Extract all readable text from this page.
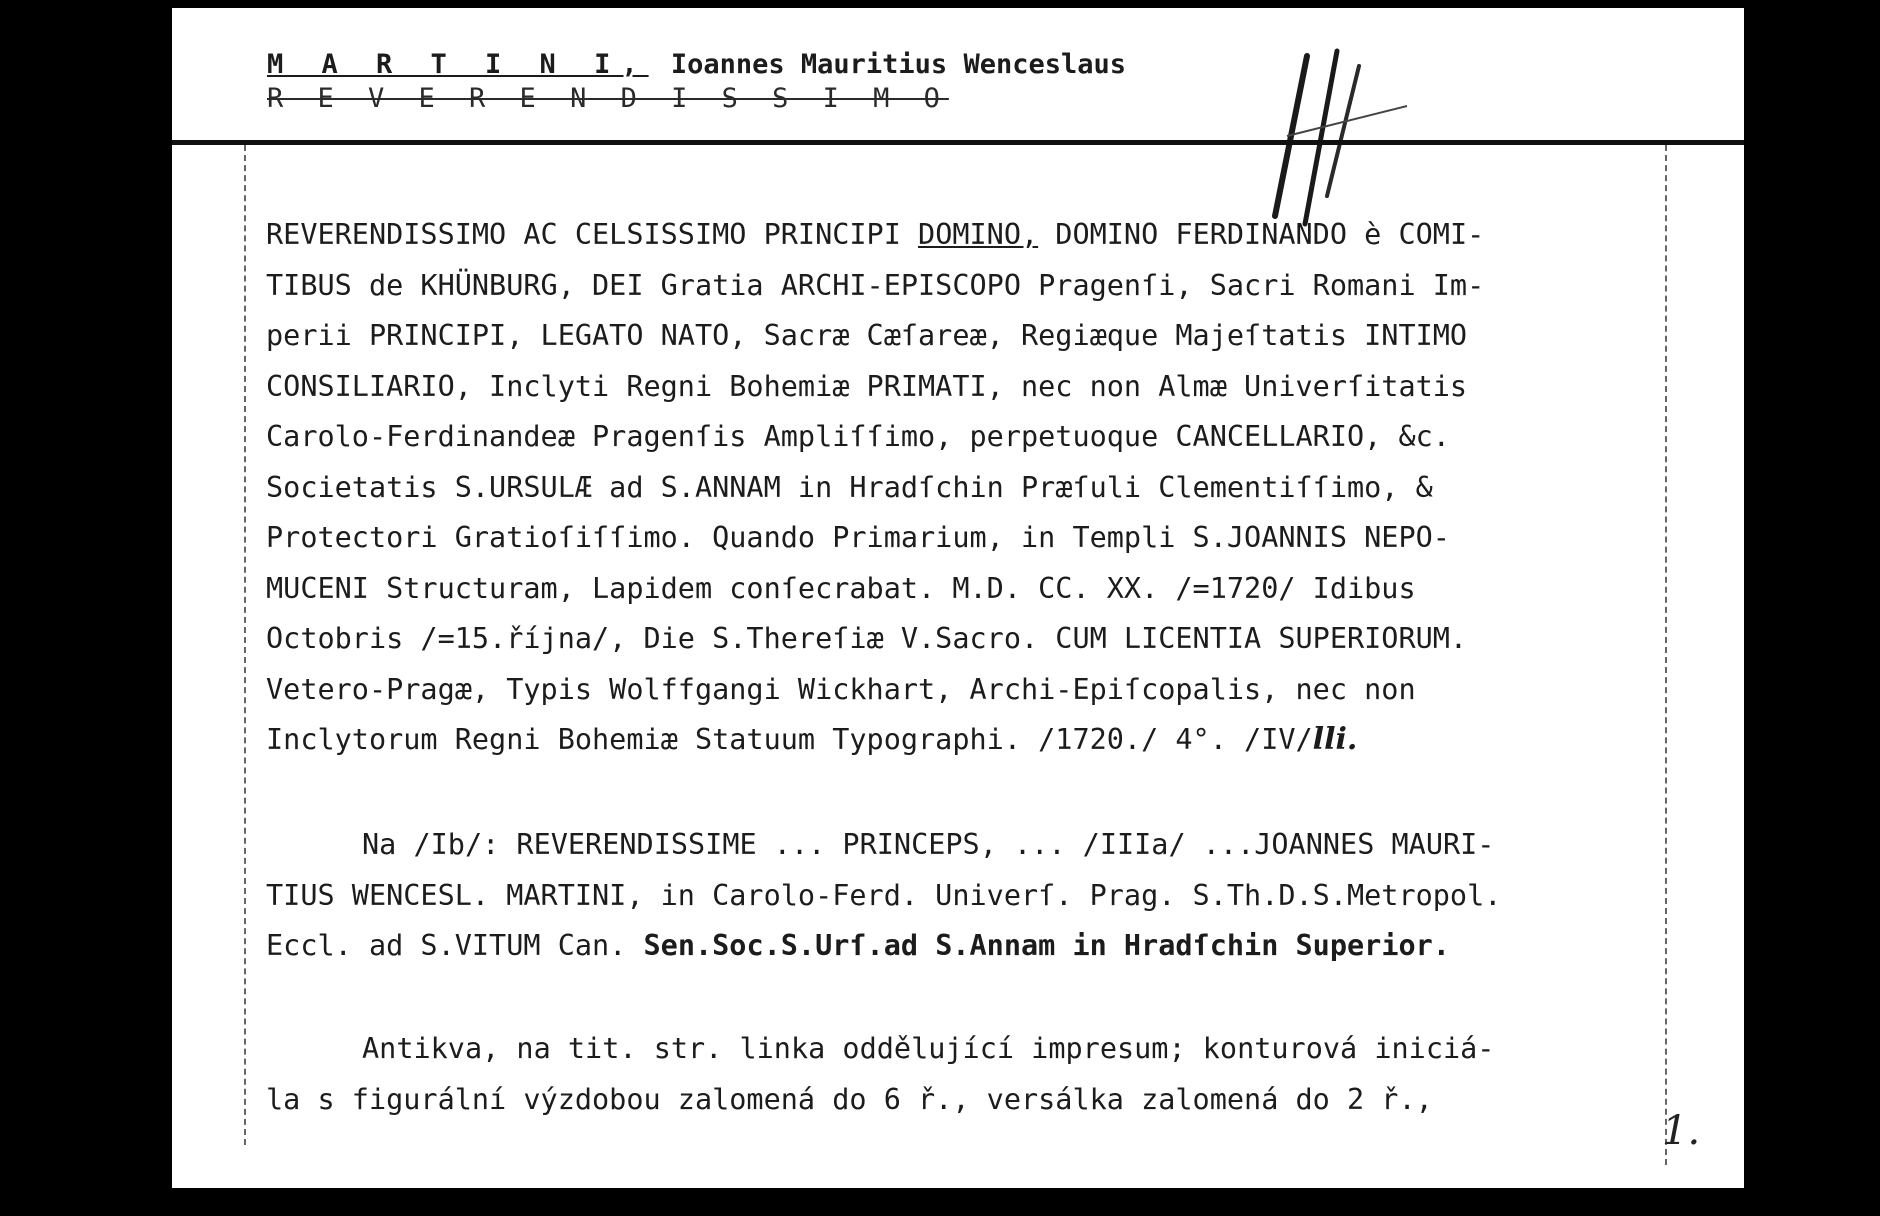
M A R T I N I, Ioannes Mauritius Wenceslaus
R E V E R E N D I S S I M O
REVERENDISSIMO AC CELSISSIMO PRINCIPI DOMINO, DOMINO FERDINANDO è COMI-
TIBUS de KHÜNBURG, DEI Gratia ARCHI-EPISCOPO Pragenſi, Sacri Romani Im-
perii PRINCIPI, LEGATO NATO, Sacræ Cæſareæ, Regiæque Majeſtatis INTIMO
CONSILIARIO, Inclyti Regni Bohemiæ PRIMATI, nec non Almæ Univerſitatis
Carolo-Ferdinandeæ Pragenſis Ampliſſimo, perpetuoque CANCELLARIO, &c.
Societatis S.URSULÆ ad S.ANNAM in Hradſchin Præſuli Clementiſſimo, &
Protectori Gratioſiſſimo. Quando Primarium, in Templi S.JOANNIS NEPO-
MUCENI Structuram, Lapidem conſecrabat. M.D. CC. XX. /=1720/ Idibus
Octobris /=15.října/, Die S.Thereſiæ V.Sacro. CUM LICENTIA SUPERIORUM.
Vetero-Pragæ, Typis Wolffgangi Wickhart, Archi-Epiſcopalis, nec non
Inclytorum Regni Bohemiæ Statuum Typographi. /1720./ 4°. /IV/lli.
Na /Ib/: REVERENDISSIME ... PRINCEPS, ... /IIIa/ ...JOANNES MAURI-
TIUS WENCESL. MARTINI, in Carolo-Ferd. Univerſ. Prag. S.Th.D.S.Metropol.
Eccl. ad S.VITUM Can. Sen.Soc.S.Urſ.ad S.Annam in Hradſchin Superior.
Antikva, na tit. str. linka oddělující impresum; konturová iniciá-
la s figurální výzdobou zalomená do 6 ř., versálka zalomená do 2 ř.,
1.
